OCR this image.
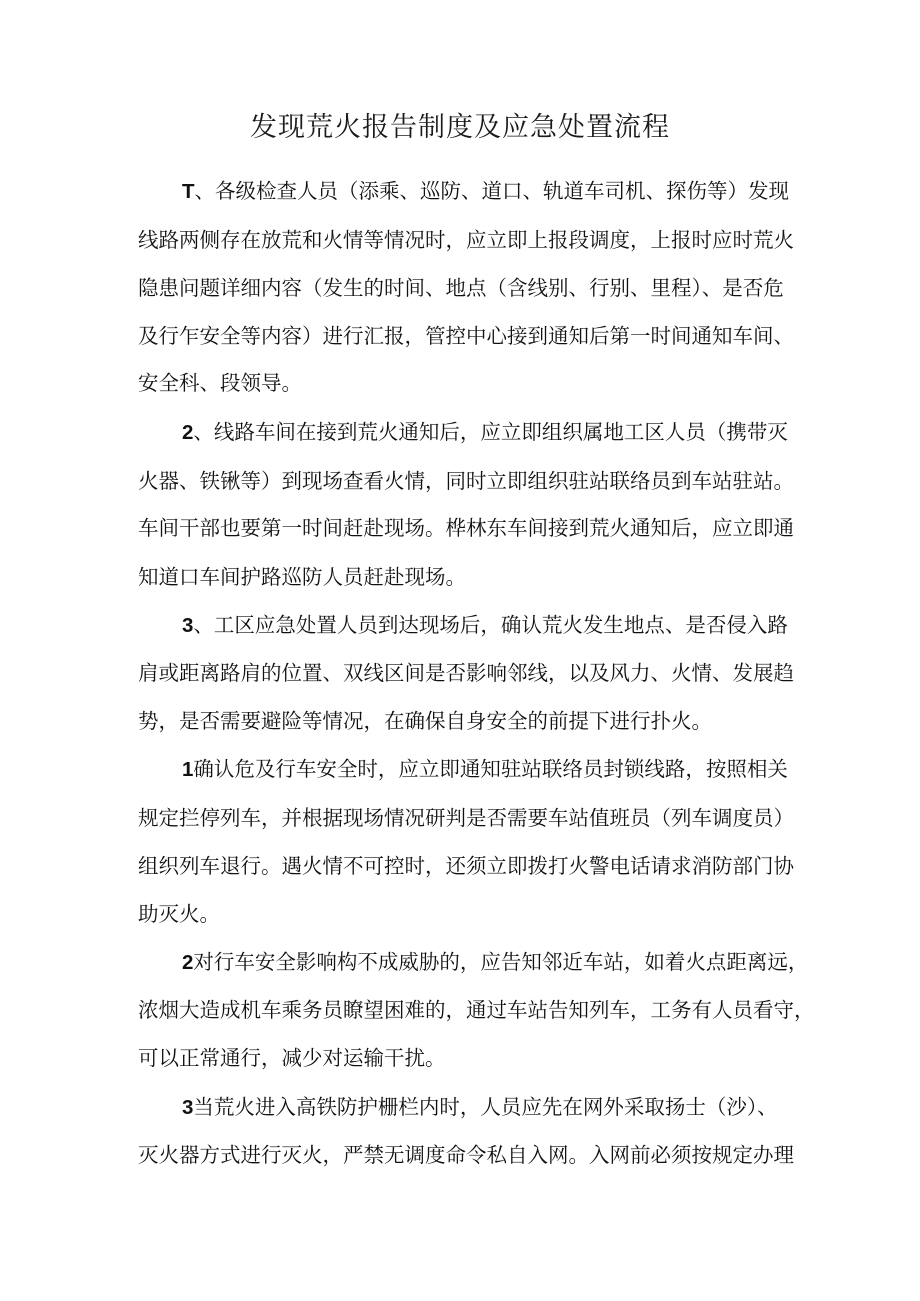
发现荒火报告制度及应急处置流程
T、各级检查人员（添乘、巡防、道口、轨道车司机、探伤等）发现
线路两侧存在放荒和火情等情况时，应立即上报段调度，上报时应时荒火
隐患问题详细内容（发生的时间、地点（含线别、行别、里程）、是否危
及行乍安全等内容）进行汇报，管控中心接到通知后第一时间通知车间、
安全科、段领导。
2、线路车间在接到荒火通知后，应立即组织属地工区人员（携带灭
火器、铁锹等）到现场查看火情，同时立即组织驻站联络员到车站驻站。
车间干部也要第一时间赶赴现场。桦林东车间接到荒火通知后，应立即通
知道口车间护路巡防人员赶赴现场。
3、工区应急处置人员到达现场后，确认荒火发生地点、是否侵入路
肩或距离路肩的位置、双线区间是否影响邻线，以及风力、火情、发展趋
势，是否需要避险等情况，在确保自身安全的前提下进行扑火。
1确认危及行车安全时，应立即通知驻站联络员封锁线路，按照相关
规定拦停列车，并根据现场情况研判是否需要车站值班员（列车调度员）
组织列车退行。遇火情不可控时，还须立即拨打火警电话请求消防部门协
助灭火。
2对行车安全影响构不成威胁的，应告知邻近车站，如着火点距离远，
浓烟大造成机车乘务员瞭望困难的，通过车站告知列车，工务有人员看守，
可以正常通行，减少对运输干扰。
3当荒火进入高铁防护栅栏内时，人员应先在网外采取扬士（沙）、
灭火器方式进行灭火，严禁无调度命令私自入网。入网前必须按规定办理
